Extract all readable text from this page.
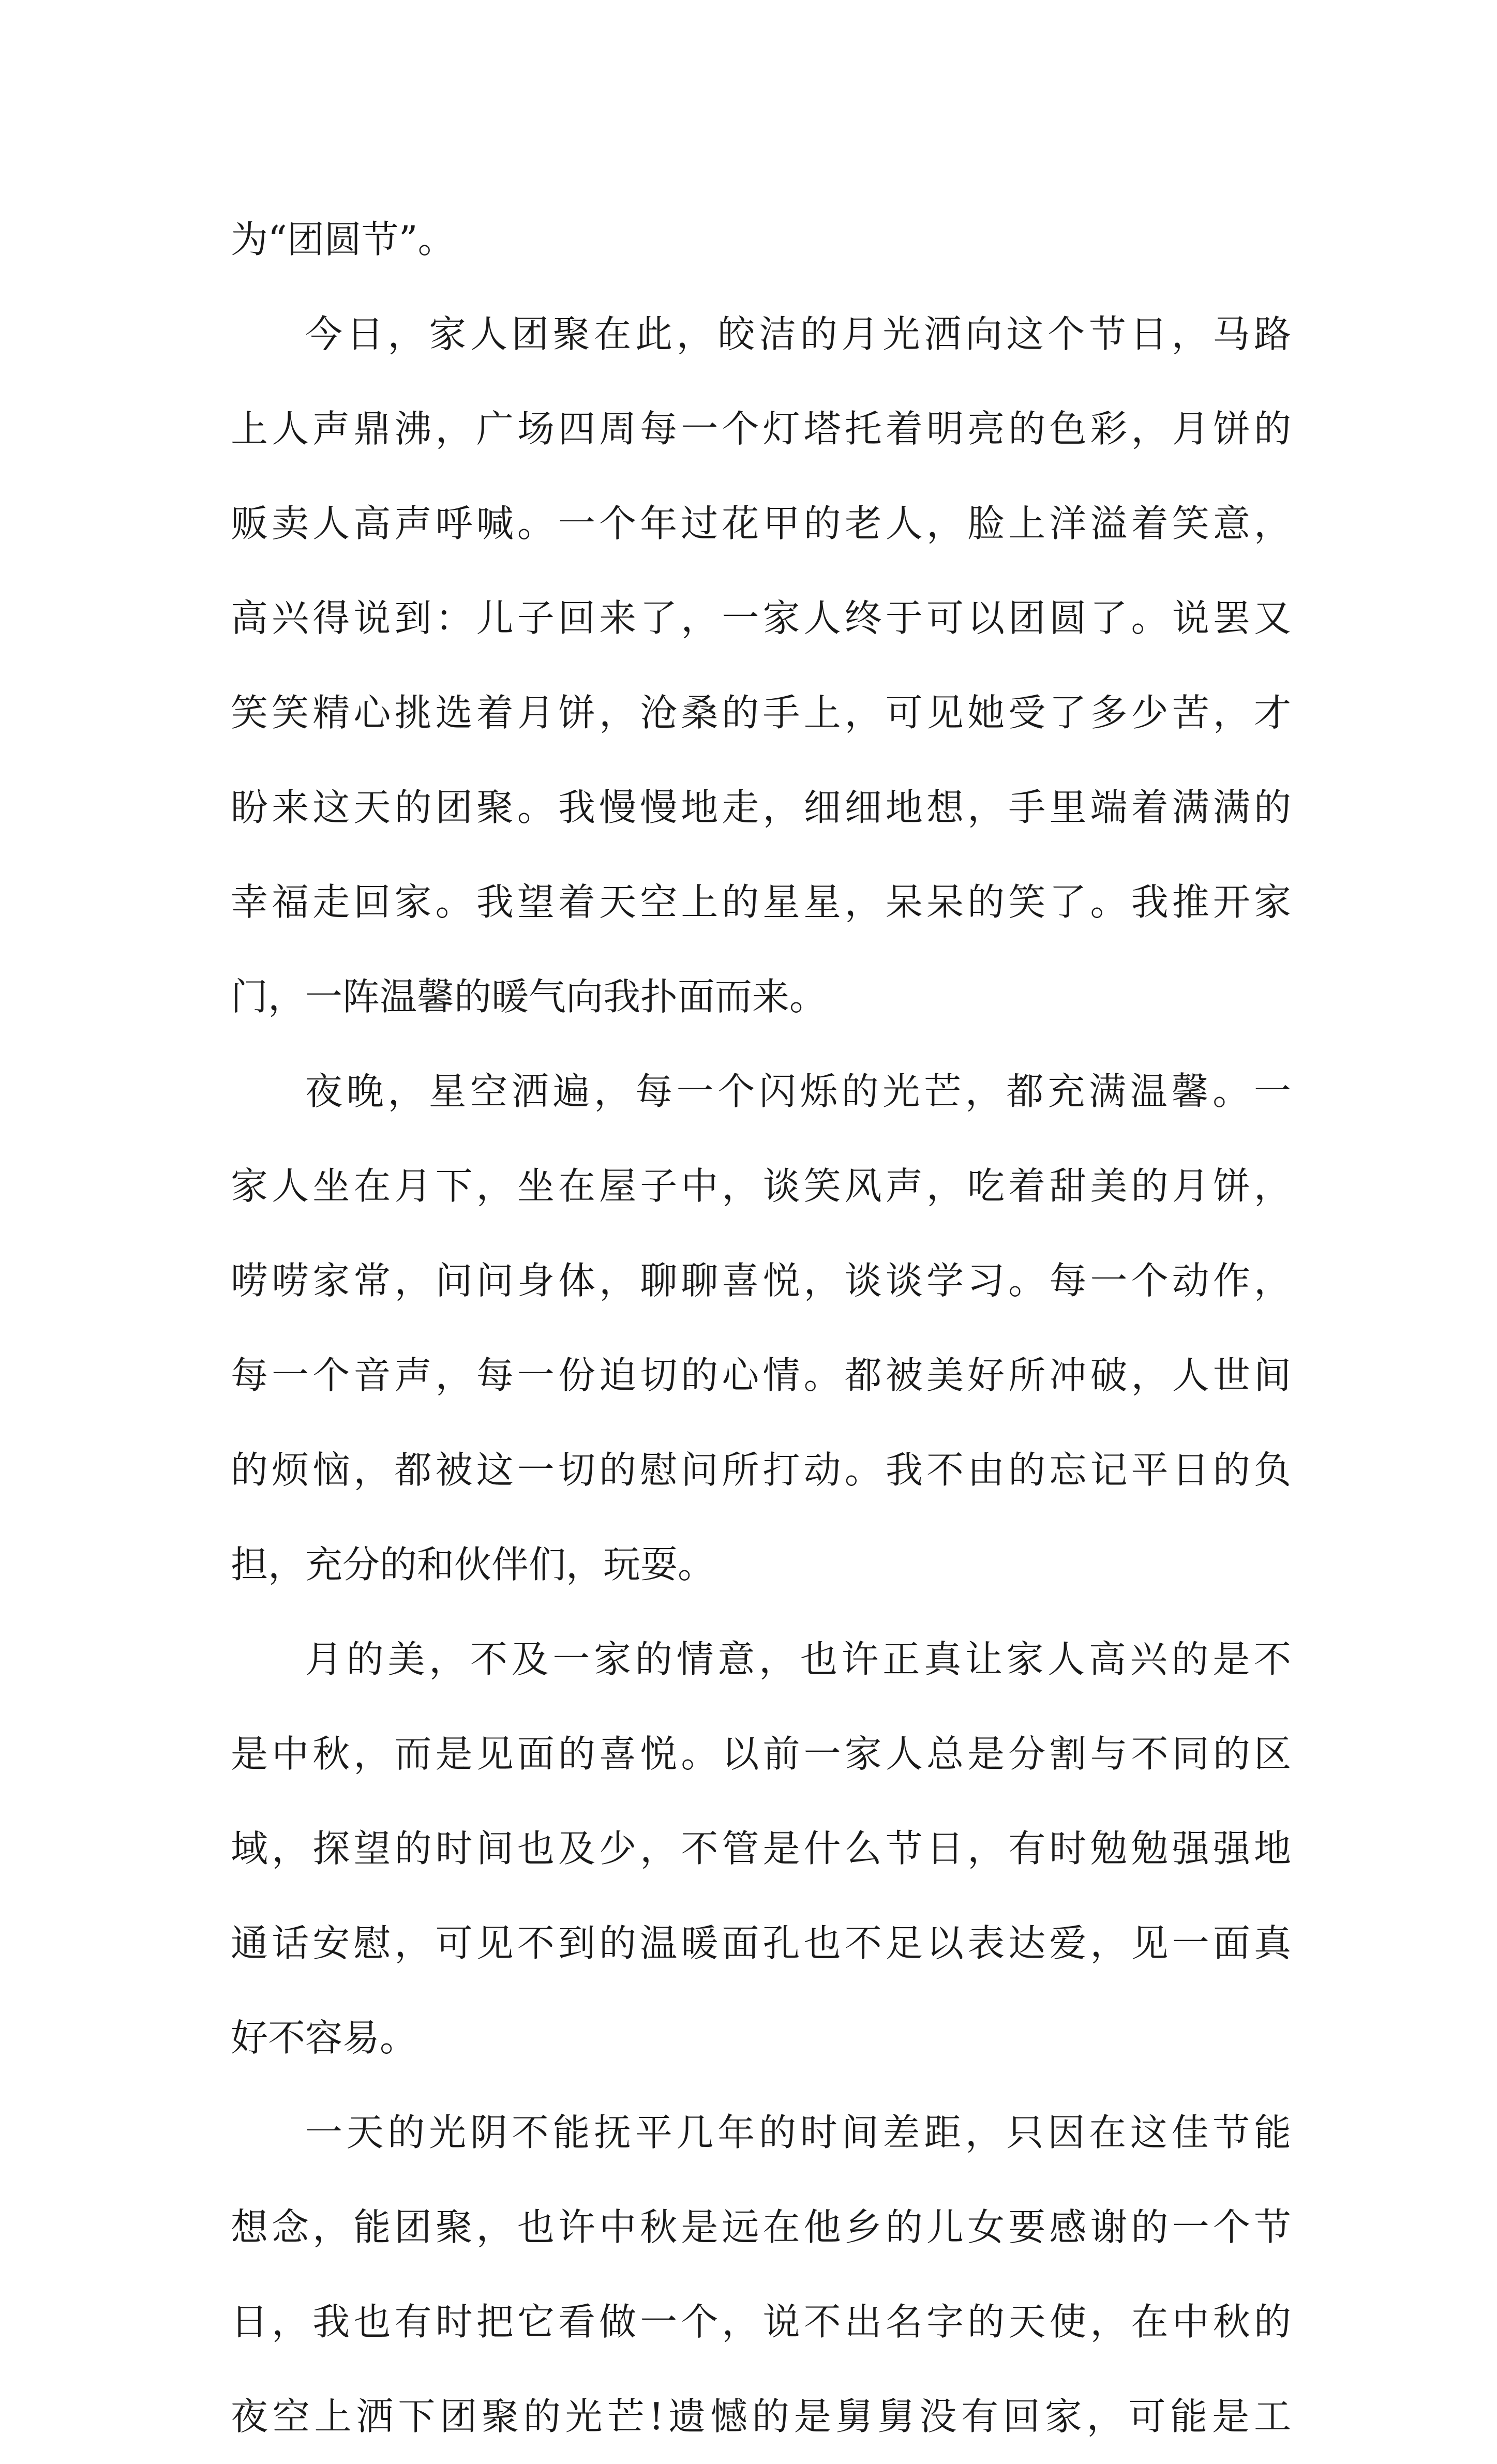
为“团圆节”。
今日，家人团聚在此，皎洁的月光洒向这个节日，马路
上人声鼎沸，广场四周每一个灯塔托着明亮的色彩，月饼的
贩卖人高声呼喊。一个年过花甲的老人，脸上洋溢着笑意，
高兴得说到：儿子回来了，一家人终于可以团圆了。说罢又
笑笑精心挑选着月饼，沧桑的手上，可见她受了多少苦，才
盼来这天的团聚。我慢慢地走，细细地想，手里端着满满的
幸福走回家。我望着天空上的星星，呆呆的笑了。我推开家
门，一阵温馨的暖气向我扑面而来。
夜晚，星空洒遍，每一个闪烁的光芒，都充满温馨。一
家人坐在月下，坐在屋子中，谈笑风声，吃着甜美的月饼，
唠唠家常，问问身体，聊聊喜悦，谈谈学习。每一个动作，
每一个音声，每一份迫切的心情。都被美好所冲破，人世间
的烦恼，都被这一切的慰问所打动。我不由的忘记平日的负
担，充分的和伙伴们，玩耍。
月的美，不及一家的情意，也许正真让家人高兴的是不
是中秋，而是见面的喜悦。以前一家人总是分割与不同的区
域，探望的时间也及少，不管是什么节日，有时勉勉强强地
通话安慰，可见不到的温暖面孔也不足以表达爱，见一面真
好不容易。
一天的光阴不能抚平几年的时间差距，只因在这佳节能
想念，能团聚，也许中秋是远在他乡的儿女要感谢的一个节
日，我也有时把它看做一个，说不出名字的天使，在中秋的
夜空上洒下团聚的光芒!遗憾的是舅舅没有回家，可能是工
